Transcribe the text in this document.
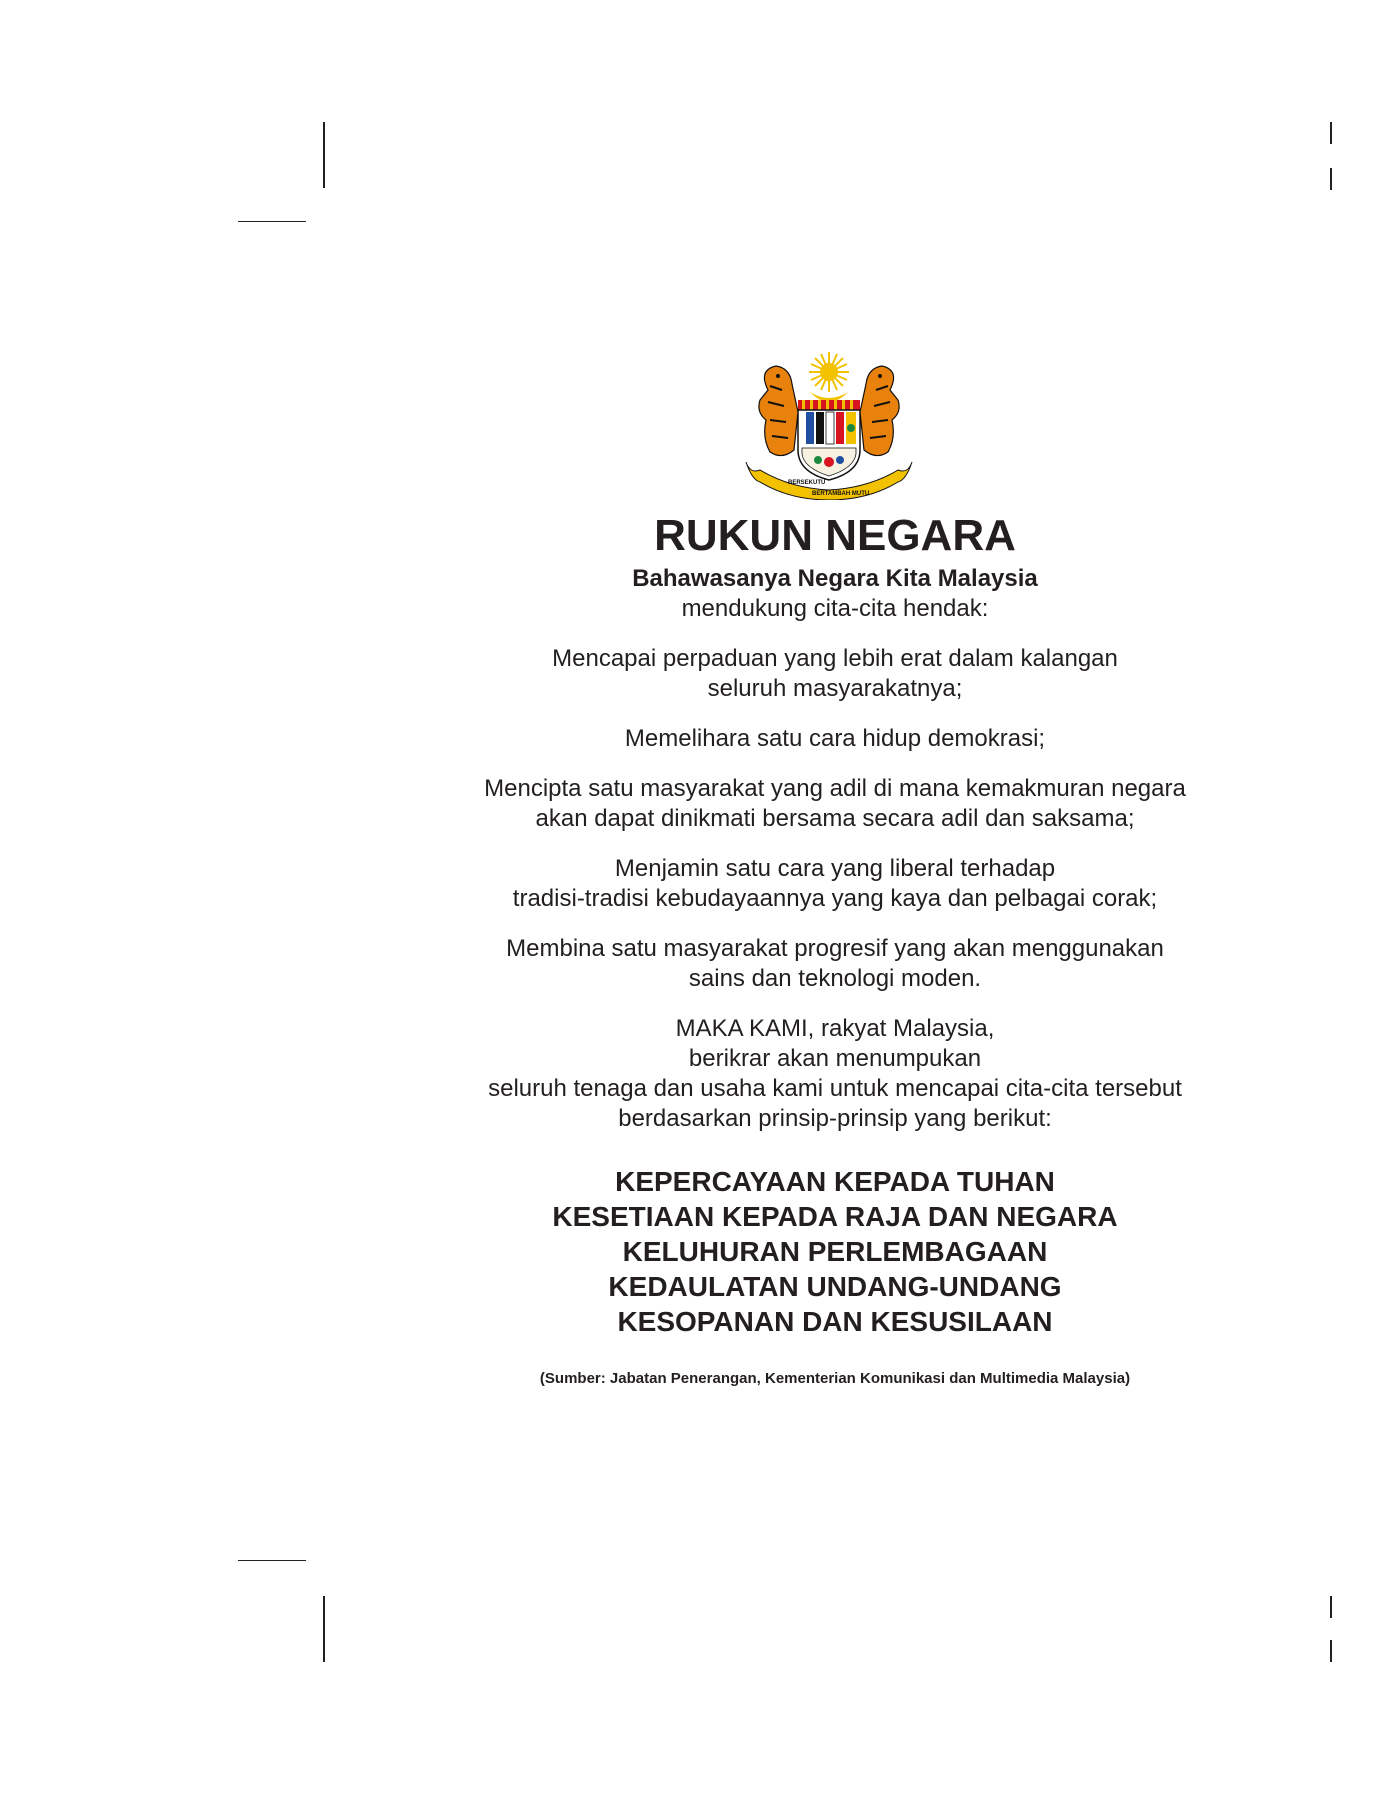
BERSEKUTU
BERTAMBAH MUTU
RUKUN NEGARA

Bahawasanya Negara Kita Malaysia

mendukung cita-cita hendak:

Mencapai perpaduan yang lebih erat dalam kalangan
seluruh masyarakatnya;

Memelihara satu cara hidup demokrasi;

Mencipta satu masyarakat yang adil di mana kemakmuran negara
akan dapat dinikmati bersama secara adil dan saksama;

Menjamin satu cara yang liberal terhadap
tradisi-tradisi kebudayaannya yang kaya dan pelbagai corak;

Membina satu masyarakat progresif yang akan menggunakan
sains dan teknologi moden.

MAKA KAMI, rakyat Malaysia,
berikrar akan menumpukan
seluruh tenaga dan usaha kami untuk mencapai cita-cita tersebut
berdasarkan prinsip-prinsip yang berikut:

KEPERCAYAAN KEPADA TUHAN
KESETIAAN KEPADA RAJA DAN NEGARA
KELUHURAN PERLEMBAGAAN
KEDAULATAN UNDANG-UNDANG
KESOPANAN DAN KESUSILAAN

(Sumber: Jabatan Penerangan, Kementerian Komunikasi dan Multimedia Malaysia)
